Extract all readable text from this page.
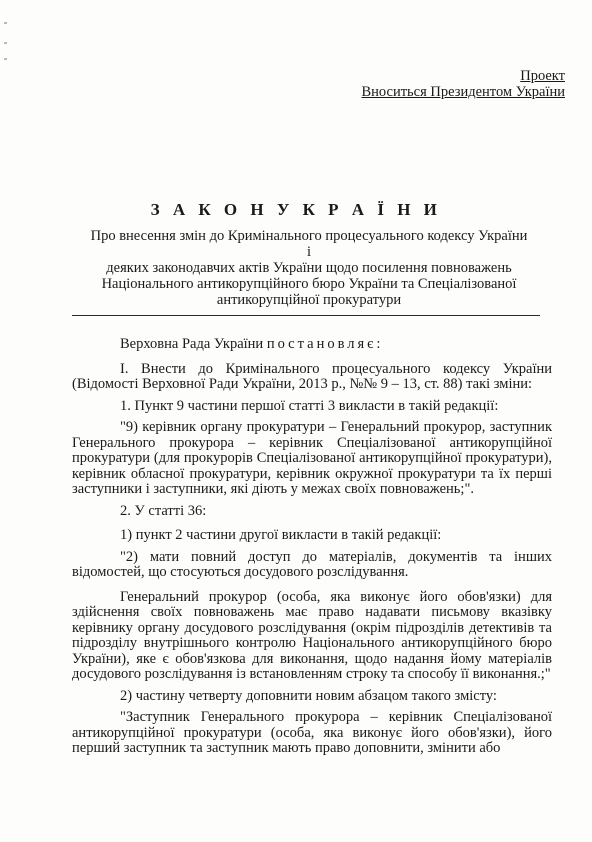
Проект
Вноситься Президентом України
З А К О Н У К Р А Ї Н И
Про внесення змін до Кримінального процесуального кодексу України і
деяких законодавчих актів України щодо посилення повноважень
Національного антикорупційного бюро України та Спеціалізованої
антикорупційної прокуратури

Верховна Рада України постановляє:

І. Внести до Кримінального процесуального кодексу України (Відомості Верховної Ради України, 2013 р., №№ 9 – 13, ст. 88) такі зміни:

1. Пункт 9 частини першої статті 3 викласти в такій редакції:

"9) керівник органу прокуратури – Генеральний прокурор, заступник Генерального прокурора – керівник Спеціалізованої антикорупційної прокуратури (для прокурорів Спеціалізованої антикорупційної прокуратури), керівник обласної прокуратури, керівник окружної прокуратури та їх перші заступники і заступники, які діють у межах своїх повноважень;".

2. У статті 36:

1) пункт 2 частини другої викласти в такій редакції:

"2) мати повний доступ до матеріалів, документів та інших відомостей, що стосуються досудового розслідування.

Генеральний прокурор (особа, яка виконує його обов'язки) для здійснення своїх повноважень має право надавати письмову вказівку керівнику органу досудового розслідування (окрім підрозділів детективів та підрозділу внутрішнього контролю Національного антикорупційного бюро України), яке є обов'язкова для виконання, щодо надання йому матеріалів досудового розслідування із встановленням строку та способу її виконання.;"

2) частину четверту доповнити новим абзацом такого змісту:

"Заступник Генерального прокурора – керівник Спеціалізованої антикорупційної прокуратури (особа, яка виконує його обов'язки), його перший заступник та заступник мають право доповнити, змінити або
